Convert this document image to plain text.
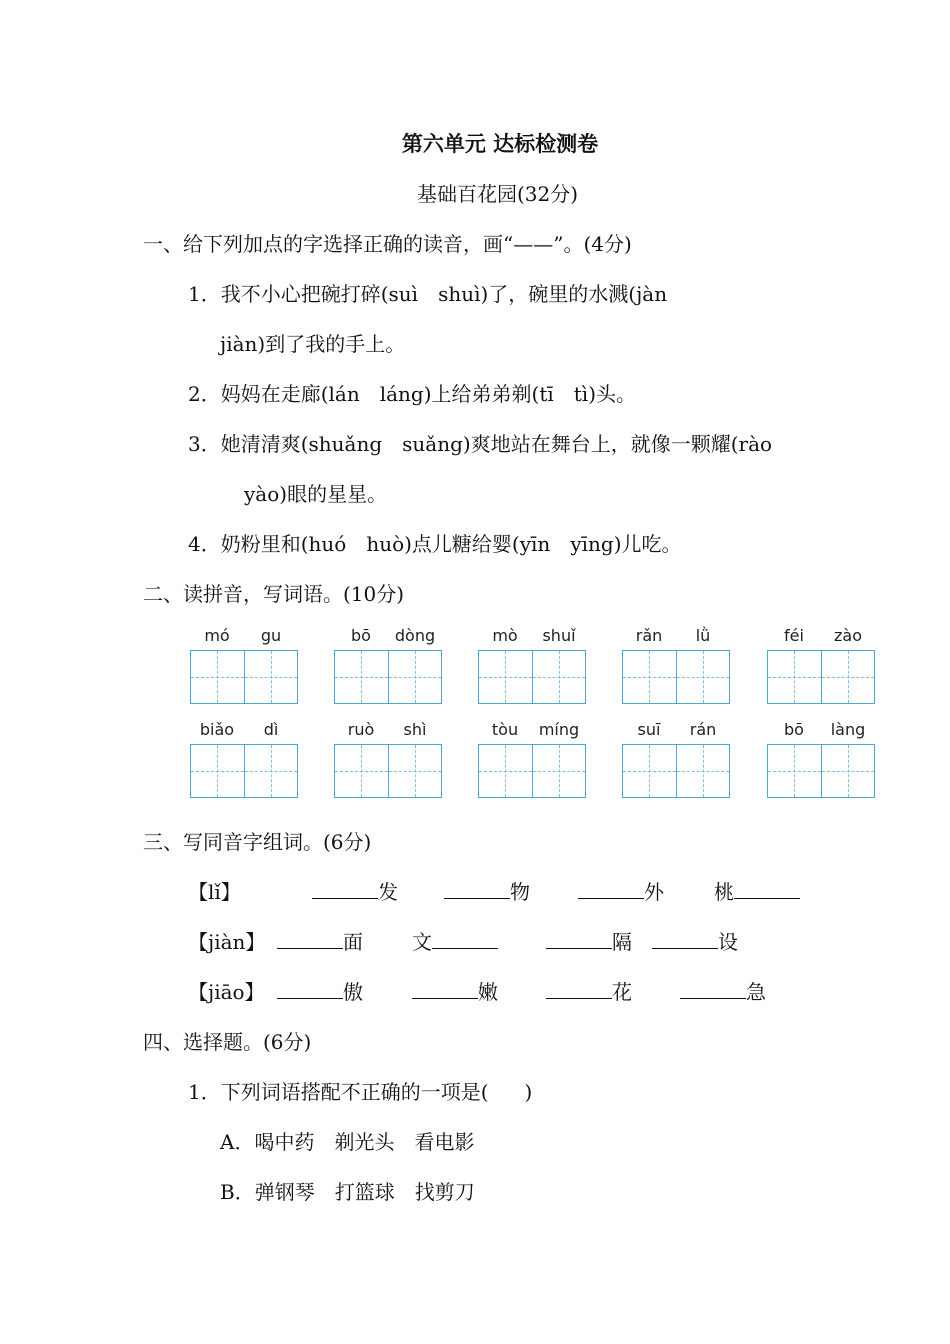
第六单元 达标检测卷
基础百花园(32分)
一、给下列加点的字选择正确的读音，画“——”。(4分)
1．我不小心把碗打碎(suì　shuì)了，碗里的水溅(jàn
jiàn)到了我的手上。
2．妈妈在走廊(lán　láng)上给弟弟剃(tī　tì)头。
3．她清清爽(shuǎng　suǎng)爽地站在舞台上，就像一颗耀(rào
yào)眼的星星。
4．奶粉里和(huó　huò)点儿糖给婴(yīn　yīng)儿吃。
二、读拼音，写词语。(10分)
mó	gu	bō	dòng	mò	shuǐ	rǎn	lǜ	féi	zào
biǎo	dì	ruò	shì	tòu	míng	suī	rán	bō	làng
三、写同音字组词。(6分)
【lǐ】	发	物	外	桃
【jiàn】	面 文	隔	设
【jiāo】	傲	嫩	花	急
四、选择题。(6分)
1．下列词语搭配不正确的一项是( )
A．喝中药　剃光头　看电影
B．弹钢琴　打篮球　找剪刀
